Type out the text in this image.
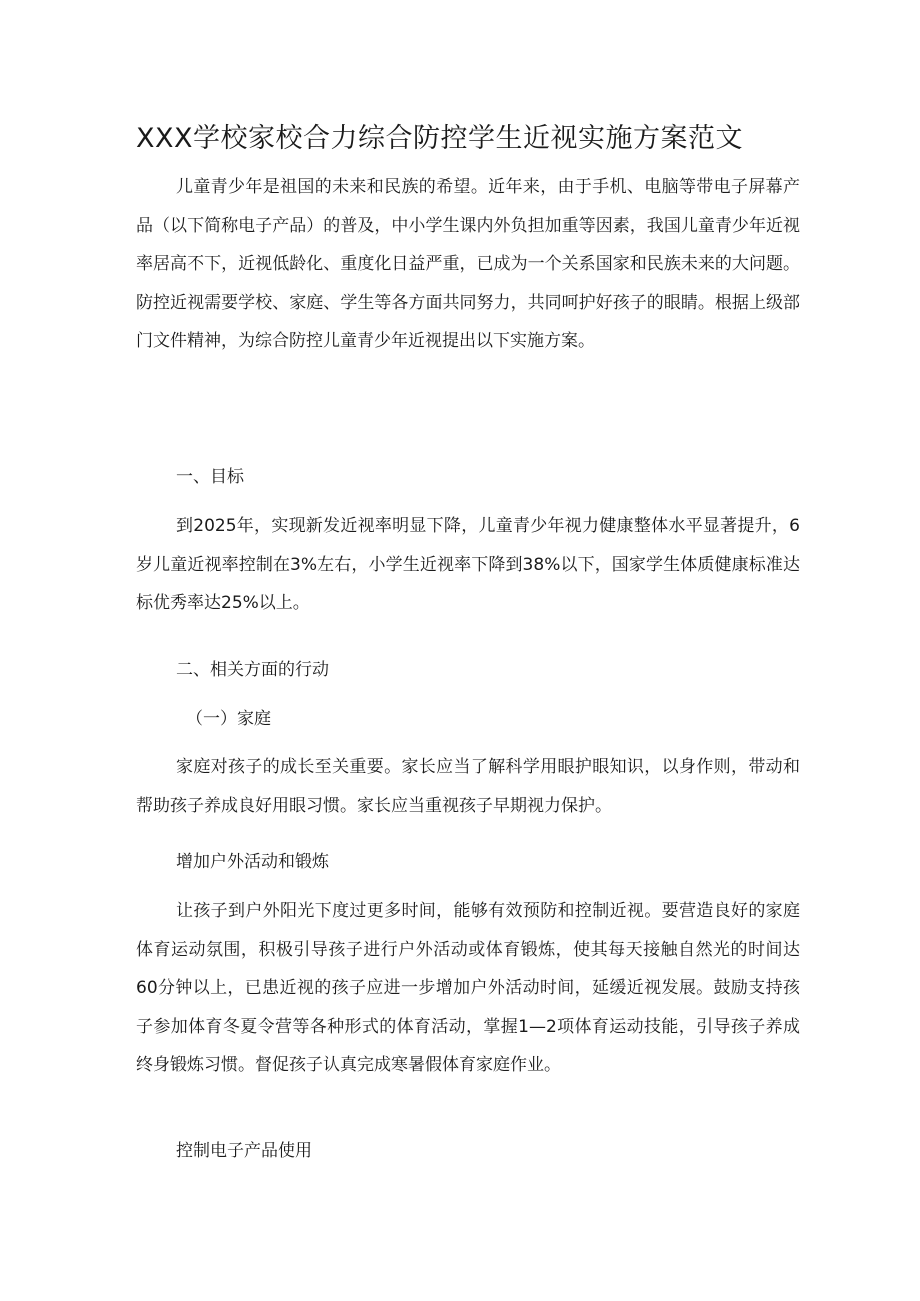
XXX学校家校合力综合防控学生近视实施方案范文

儿童青少年是祖国的未来和民族的希望。近年来，由于手机、电脑等带电子屏幕产品（以下简称电子产品）的普及，中小学生课内外负担加重等因素，我国儿童青少年近视率居高不下，近视低龄化、重度化日益严重，已成为一个关系国家和民族未来的大问题。防控近视需要学校、家庭、学生等各方面共同努力，共同呵护好孩子的眼睛。根据上级部门文件精神，为综合防控儿童青少年近视提出以下实施方案。

一、目标

到2025年，实现新发近视率明显下降，儿童青少年视力健康整体水平显著提升，6岁儿童近视率控制在3%左右，小学生近视率下降到38%以下，国家学生体质健康标准达标优秀率达25%以上。

二、相关方面的行动

（一）家庭

家庭对孩子的成长至关重要。家长应当了解科学用眼护眼知识，以身作则，带动和帮助孩子养成良好用眼习惯。家长应当重视孩子早期视力保护。

增加户外活动和锻炼

让孩子到户外阳光下度过更多时间，能够有效预防和控制近视。要营造良好的家庭体育运动氛围，积极引导孩子进行户外活动或体育锻炼，使其每天接触自然光的时间达60分钟以上，已患近视的孩子应进一步增加户外活动时间，延缓近视发展。鼓励支持孩子参加体育冬夏令营等各种形式的体育活动，掌握1—2项体育运动技能，引导孩子养成终身锻炼习惯。督促孩子认真完成寒暑假体育家庭作业。

控制电子产品使用
